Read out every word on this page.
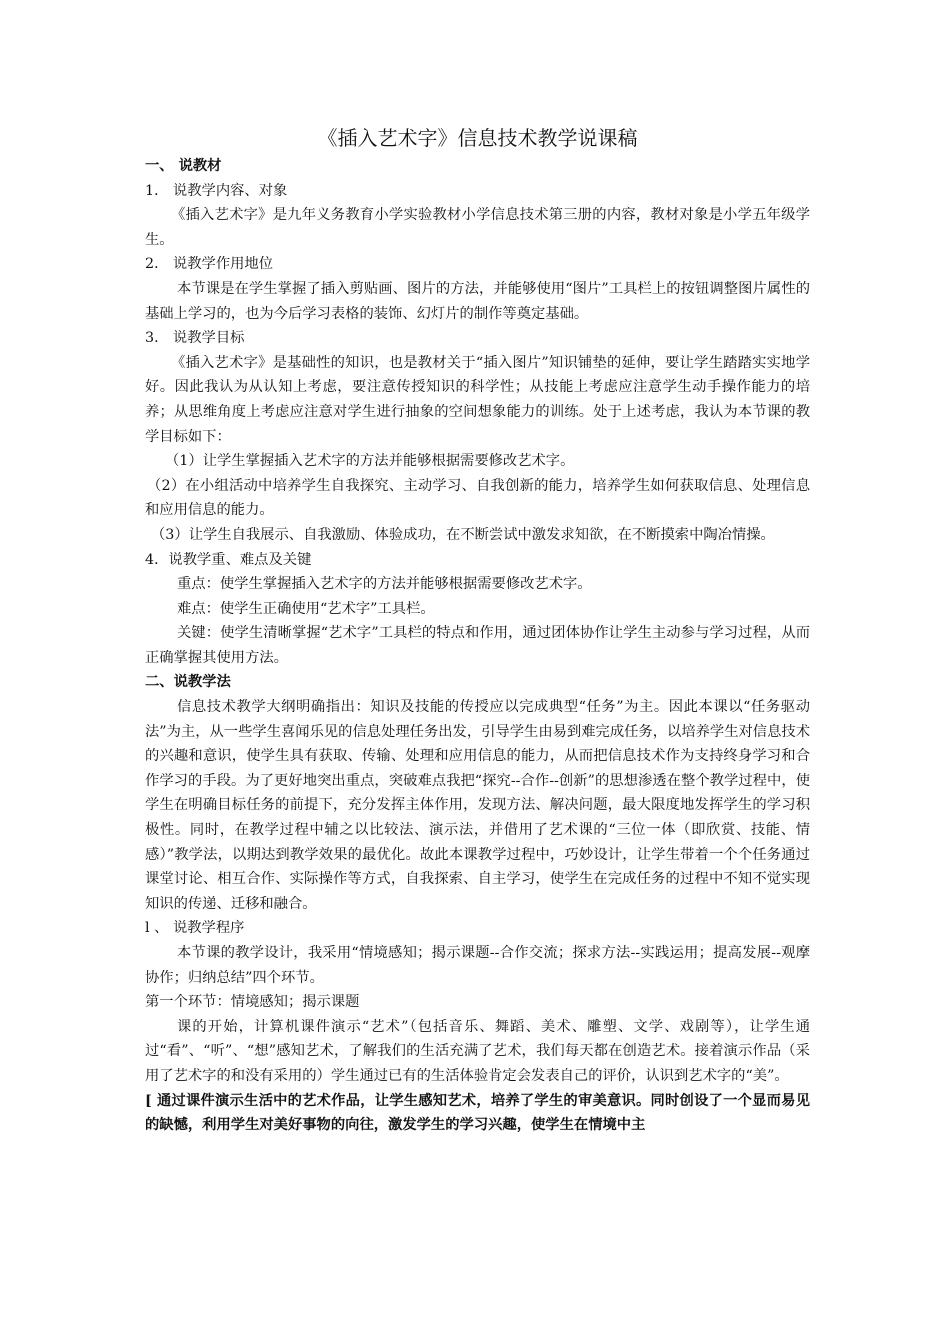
《插入艺术字》信息技术教学说课稿

一、 说教材

1． 说教学内容、对象

《插入艺术字》是九年义务教育小学实验教材小学信息技术第三册的内容，教材对象是小学五年级学生。

2． 说教学作用地位

本节课是在学生掌握了插入剪贴画、图片的方法，并能够使用“图片”工具栏上的按钮调整图片属性的基础上学习的，也为今后学习表格的装饰、幻灯片的制作等奠定基础。

3． 说教学目标

《插入艺术字》是基础性的知识，也是教材关于“插入图片”知识铺垫的延伸，要让学生踏踏实实地学好。因此我认为从认知上考虑，要注意传授知识的科学性；从技能上考虑应注意学生动手操作能力的培养；从思维角度上考虑应注意对学生进行抽象的空间想象能力的训练。处于上述考虑，我认为本节课的教学目标如下：

（1）让学生掌握插入艺术字的方法并能够根据需要修改艺术字。

（2）在小组活动中培养学生自我探究、主动学习、自我创新的能力，培养学生如何获取信息、处理信息和应用信息的能力。

（3）让学生自我展示、自我激励、体验成功，在不断尝试中激发求知欲，在不断摸索中陶冶情操。

4．说教学重、难点及关键

重点：使学生掌握插入艺术字的方法并能够根据需要修改艺术字。

难点：使学生正确使用“艺术字”工具栏。

关键：使学生清晰掌握“艺术字”工具栏的特点和作用，通过团体协作让学生主动参与学习过程，从而正确掌握其使用方法。

二、说教学法

信息技术教学大纲明确指出：知识及技能的传授应以完成典型“任务”为主。因此本课以“任务驱动法”为主，从一些学生喜闻乐见的信息处理任务出发，引导学生由易到难完成任务，以培养学生对信息技术的兴趣和意识，使学生具有获取、传输、处理和应用信息的能力，从而把信息技术作为支持终身学习和合作学习的手段。为了更好地突出重点，突破难点我把“探究--合作--创新”的思想渗透在整个教学过程中，使学生在明确目标任务的前提下，充分发挥主体作用，发现方法、解决问题，最大限度地发挥学生的学习积极性。同时，在教学过程中辅之以比较法、演示法，并借用了艺术课的“三位一体（即欣赏、技能、情感）”教学法，以期达到教学效果的最优化。故此本课教学过程中，巧妙设计，让学生带着一个个任务通过课堂讨论、相互合作、实际操作等方式，自我探索、自主学习，使学生在完成任务的过程中不知不觉实现知识的传递、迁移和融合。

l 、 说教学程序

本节课的教学设计，我采用“情境感知；揭示课题--合作交流；探求方法--实践运用；提高发展--观摩协作；归纳总结”四个环节。

第一个环节：情境感知；揭示课题

课的开始，计算机课件演示“艺术”（包括音乐、舞蹈、美术、雕塑、文学、戏剧等），让学生通过“看”、“听”、“想”感知艺术，了解我们的生活充满了艺术，我们每天都在创造艺术。接着演示作品（采用了艺术字的和没有采用的）学生通过已有的生活体验肯定会发表自己的评价，认识到艺术字的“美”。

[ 通过课件演示生活中的艺术作品，让学生感知艺术，培养了学生的审美意识。同时创设了一个显而易见的缺憾，利用学生对美好事物的向往，激发学生的学习兴趣，使学生在情境中主
